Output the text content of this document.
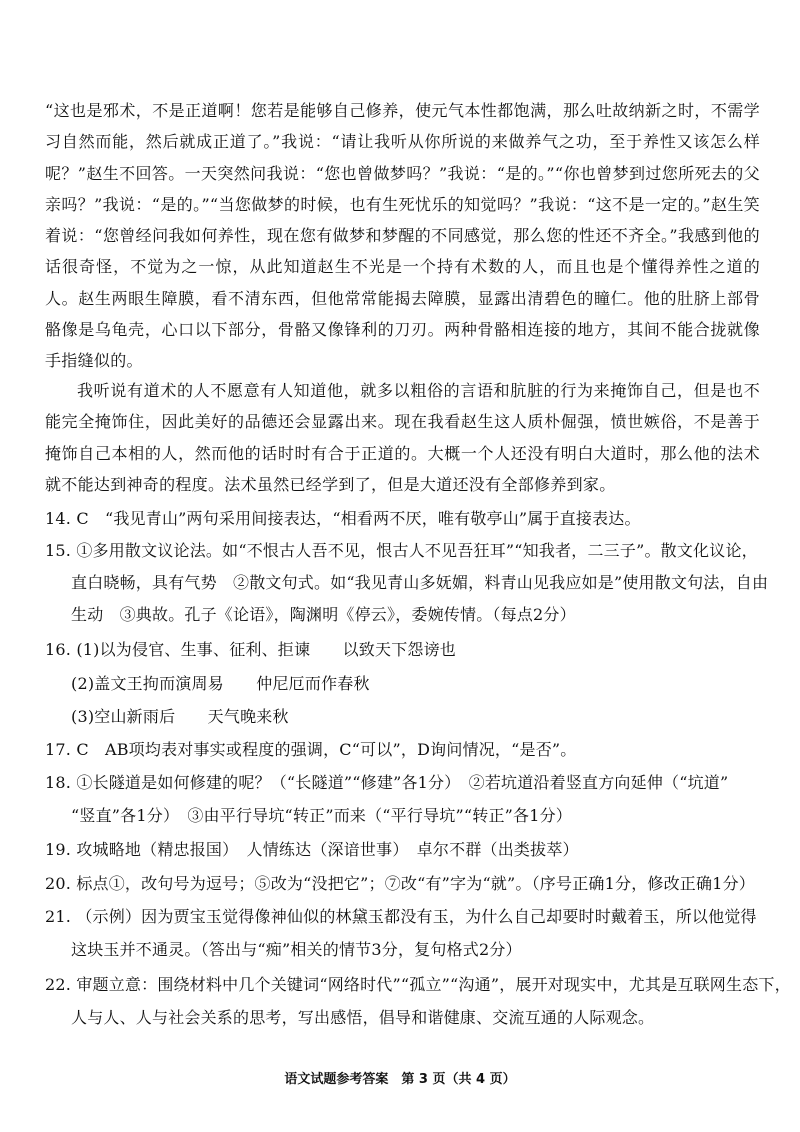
“这也是邪术，不是正道啊！您若是能够自己修养，使元气本性都饱满，那么吐故纳新之时，不需学习自然而能，然后就成正道了。”我说：“请让我听从你所说的来做养气之功，至于养性又该怎么样呢？”赵生不回答。一天突然问我说：“您也曾做梦吗？”我说：“是的。”“你也曾梦到过您所死去的父亲吗？”我说：“是的。”“当您做梦的时候，也有生死忧乐的知觉吗？”我说：“这不是一定的。”赵生笑着说：“您曾经问我如何养性，现在您有做梦和梦醒的不同感觉，那么您的性还不齐全。”我感到他的话很奇怪，不觉为之一惊，从此知道赵生不光是一个持有术数的人，而且也是个懂得养性之道的人。赵生两眼生障膜，看不清东西，但他常常能揭去障膜，显露出清碧色的瞳仁。他的肚脐上部骨骼像是乌龟壳，心口以下部分，骨骼又像锋利的刀刃。两种骨骼相连接的地方，其间不能合拢就像手指缝似的。
我听说有道术的人不愿意有人知道他，就多以粗俗的言语和肮脏的行为来掩饰自己，但是也不能完全掩饰住，因此美好的品德还会显露出来。现在我看赵生这人质朴倔强，愤世嫉俗，不是善于掩饰自己本相的人，然而他的话时时有合于正道的。大概一个人还没有明白大道时，那么他的法术就不能达到神奇的程度。法术虽然已经学到了，但是大道还没有全部修养到家。
14. C　“我见青山”两句采用间接表达，“相看两不厌，唯有敬亭山”属于直接表达。
15. ①多用散文议论法。如“不恨古人吾不见，恨古人不见吾狂耳”“知我者，二三子”。散文化议论，
直白晓畅，具有气势　②散文句式。如“我见青山多妩媚，料青山见我应如是”使用散文句法，自由
生动　③典故。孔子《论语》，陶渊明《停云》，委婉传情。（每点2分）
16. (1)以为侵官、生事、征利、拒谏　　以致天下怨谤也
(2)盖文王拘而演周易　　仲尼厄而作春秋
(3)空山新雨后　　天气晚来秋
17. C　AB项均表对事实或程度的强调，C“可以”，D询问情况，“是否”。
18. ①长隧道是如何修建的呢？（“长隧道”“修建”各1分）　②若坑道沿着竖直方向延伸（“坑道”
“竖直”各1分）　③由平行导坑“转正”而来（“平行导坑”“转正”各1分）
19. 攻城略地（精忠报国）　人情练达（深谙世事）　卓尔不群（出类拔萃）
20. 标点①，改句号为逗号；⑤改为“没把它”；⑦改“有”字为“就”。（序号正确1分，修改正确1分）
21. （示例）因为贾宝玉觉得像神仙似的林黛玉都没有玉，为什么自己却要时时戴着玉，所以他觉得
这块玉并不通灵。（答出与“痴”相关的情节3分，复句格式2分）
22. 审题立意：围绕材料中几个关键词“网络时代”“孤立”“沟通”，展开对现实中，尤其是互联网生态下，
人与人、人与社会关系的思考，写出感悟，倡导和谐健康、交流互通的人际观念。
语文试题参考答案　第 3 页（共 4 页）
